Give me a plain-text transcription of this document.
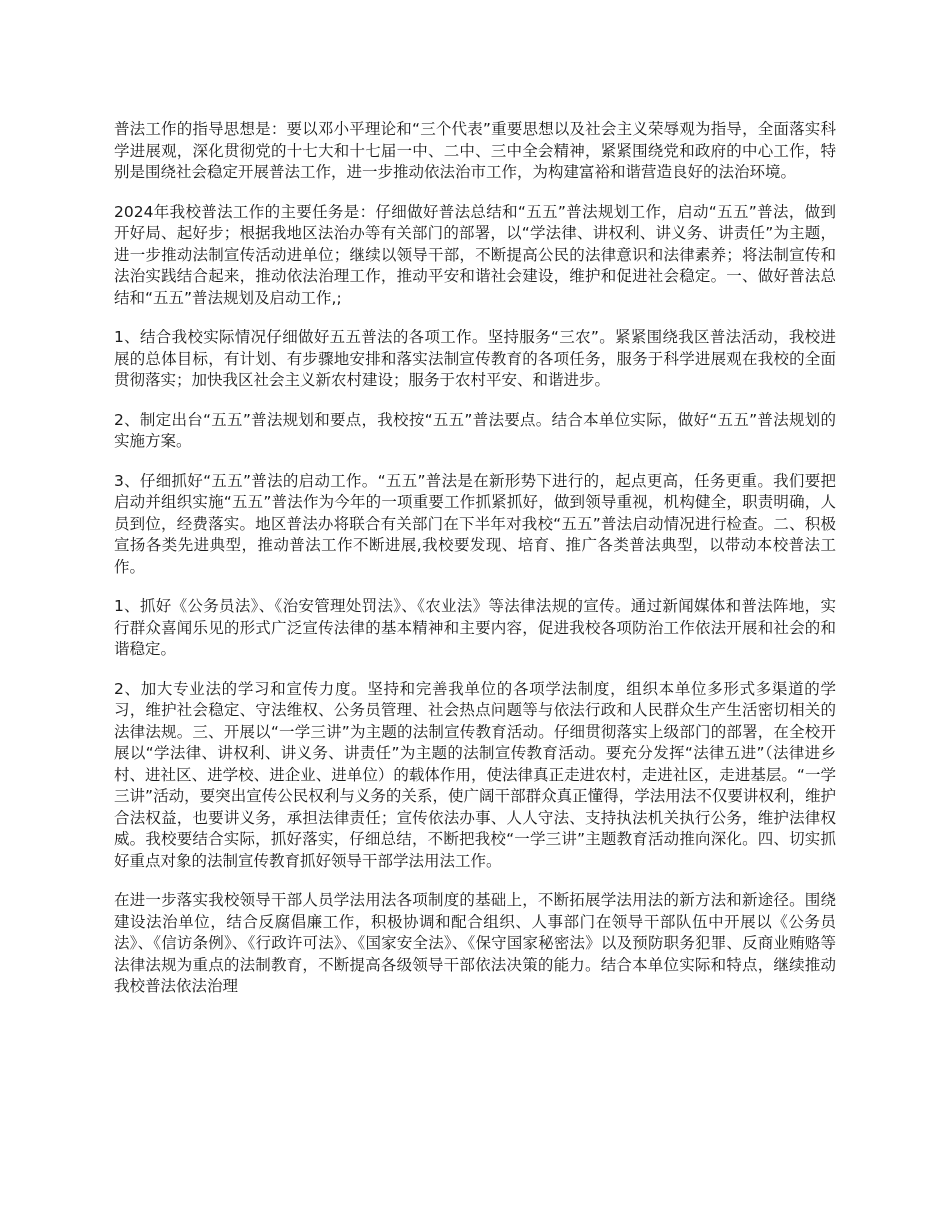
普法工作的指导思想是：要以邓小平理论和“三个代表”重要思想以及社会主义荣辱观为指导，全面落实科学进展观，深化贯彻党的十七大和十七届一中、二中、三中全会精神，紧紧围绕党和政府的中心工作，特别是围绕社会稳定开展普法工作，进一步推动依法治市工作，为构建富裕和谐营造良好的法治环境。

2024年我校普法工作的主要任务是：仔细做好普法总结和“五五”普法规划工作，启动“五五”普法，做到开好局、起好步；根据我地区法治办等有关部门的部署，以“学法律、讲权利、讲义务、讲责任”为主题，进一步推动法制宣传活动进单位；继续以领导干部，不断提高公民的法律意识和法律素养；将法制宣传和法治实践结合起来，推动依法治理工作，推动平安和谐社会建设，维护和促进社会稳定。一、做好普法总结和“五五”普法规划及启动工作,;

1、结合我校实际情况仔细做好五五普法的各项工作。坚持服务“三农”。紧紧围绕我区普法活动，我校进展的总体目标，有计划、有步骤地安排和落实法制宣传教育的各项任务，服务于科学进展观在我校的全面贯彻落实；加快我区社会主义新农村建设；服务于农村平安、和谐进步。

2、制定出台“五五”普法规划和要点，我校按“五五”普法要点。结合本单位实际，做好“五五”普法规划的实施方案。

3、仔细抓好“五五”普法的启动工作。“五五”普法是在新形势下进行的，起点更高，任务更重。我们要把启动并组织实施“五五”普法作为今年的一项重要工作抓紧抓好，做到领导重视，机构健全，职责明确，人员到位，经费落实。地区普法办将联合有关部门在下半年对我校“五五”普法启动情况进行检查。二、积极宣扬各类先进典型，推动普法工作不断进展,我校要发现、培育、推广各类普法典型，以带动本校普法工作。

1、抓好《公务员法》、《治安管理处罚法》、《农业法》等法律法规的宣传。通过新闻媒体和普法阵地，实行群众喜闻乐见的形式广泛宣传法律的基本精神和主要内容，促进我校各项防治工作依法开展和社会的和谐稳定。

2、加大专业法的学习和宣传力度。坚持和完善我单位的各项学法制度，组织本单位多形式多渠道的学习，维护社会稳定、守法维权、公务员管理、社会热点问题等与依法行政和人民群众生产生活密切相关的法律法规。三、开展以“一学三讲”为主题的法制宣传教育活动。仔细贯彻落实上级部门的部署，在全校开展以“学法律、讲权利、讲义务、讲责任”为主题的法制宣传教育活动。要充分发挥“法律五进”（法律进乡村、进社区、进学校、进企业、进单位）的载体作用，使法律真正走进农村，走进社区，走进基层。“一学三讲”活动，要突出宣传公民权利与义务的关系，使广阔干部群众真正懂得，学法用法不仅要讲权利，维护合法权益，也要讲义务，承担法律责任；宣传依法办事、人人守法、支持执法机关执行公务，维护法律权威。我校要结合实际，抓好落实，仔细总结，不断把我校“一学三讲”主题教育活动推向深化。四、切实抓好重点对象的法制宣传教育抓好领导干部学法用法工作。

在进一步落实我校领导干部人员学法用法各项制度的基础上，不断拓展学法用法的新方法和新途径。围绕建设法治单位，结合反腐倡廉工作，积极协调和配合组织、人事部门在领导干部队伍中开展以《公务员法》、《信访条例》、《行政许可法》、《国家安全法》、《保守国家秘密法》以及预防职务犯罪、反商业贿赂等法律法规为重点的法制教育，不断提高各级领导干部依法决策的能力。结合本单位实际和特点，继续推动我校普法依法治理
